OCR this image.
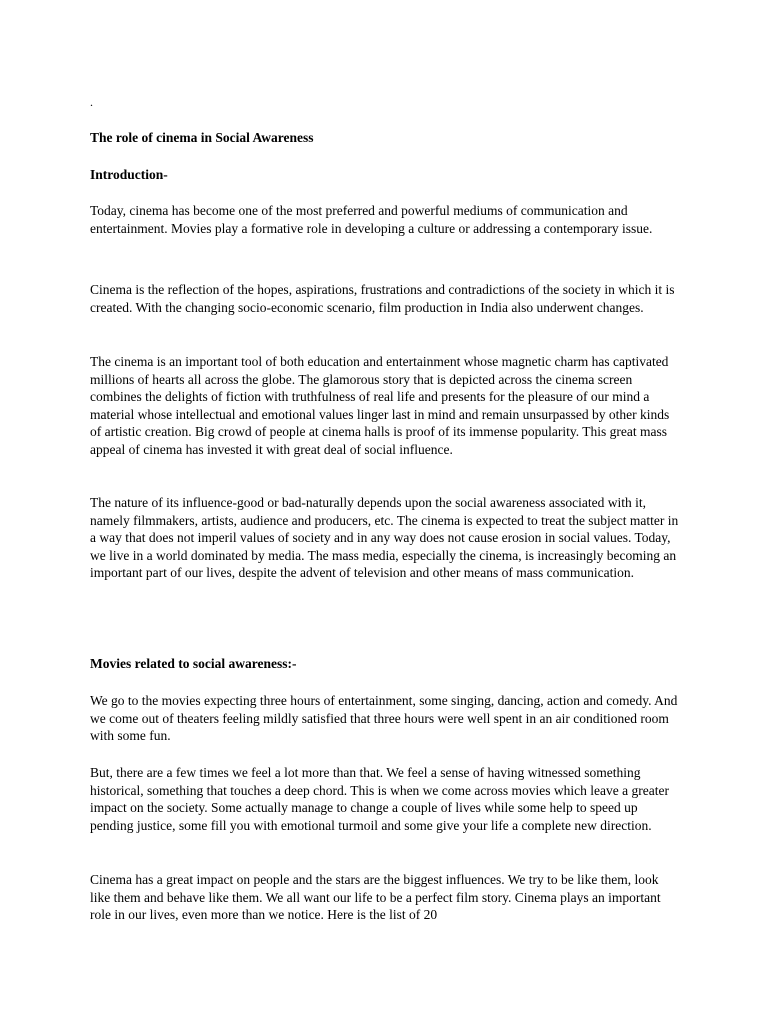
.

The role of cinema in Social Awareness

Introduction-

Today, cinema has become one of the most preferred and powerful mediums of communication and entertainment. Movies play a formative role in developing a culture or addressing a contemporary issue.

Cinema is the reflection of the hopes, aspirations, frustrations and contradictions of the society in which it is created. With the changing socio-economic scenario, film production in India also underwent changes.

The cinema is an important tool of both education and entertainment whose magnetic charm has captivated millions of hearts all across the globe. The glamorous story that is depicted across the cinema screen combines the delights of fiction with truthfulness of real life and presents for the pleasure of our mind a material whose intellectual and emotional values linger last in mind and remain unsurpassed by other kinds of artistic creation. Big crowd of people at cinema halls is proof of its immense popularity. This great mass appeal of cinema has invested it with great deal of social influence.

The nature of its influence-good or bad-naturally depends upon the social awareness associated with it, namely filmmakers, artists, audience and producers, etc. The cinema is expected to treat the subject matter in a way that does not imperil values of society and in any way does not cause erosion in social values. Today, we live in a world dominated by media. The mass media, especially the cinema, is increasingly becoming an important part of our lives, despite the advent of television and other means of mass communication.

Movies related to social awareness:-

We go to the movies expecting three hours of entertainment, some singing, dancing, action and comedy. And we come out of theaters feeling mildly satisfied that three hours were well spent in an air conditioned room with some fun.

But, there are a few times we feel a lot more than that. We feel a sense of having witnessed something historical, something that touches a deep chord. This is when we come across movies which leave a greater impact on the society. Some actually manage to change a couple of lives while some help to speed up pending justice, some fill you with emotional turmoil and some give your life a complete new direction.

Cinema has a great impact on people and the stars are the biggest influences. We try to be like them, look like them and behave like them. We all want our life to be a perfect film story. Cinema plays an important role in our lives, even more than we notice. Here is the list of 20
